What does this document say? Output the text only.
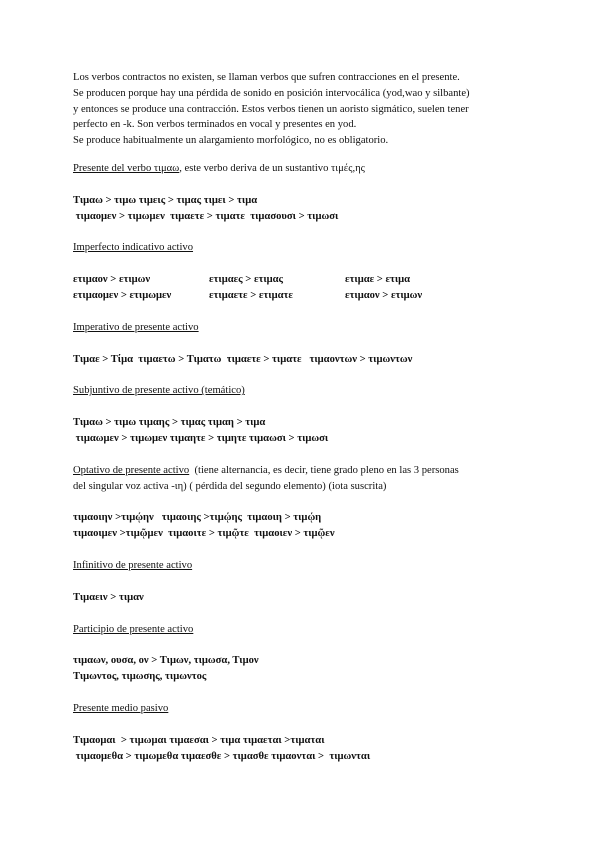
Los verbos contractos no existen, se llaman verbos que sufren contracciones en el presente.

Se producen porque hay una pérdida de sonido en posición intervocálica (yod,wao y silbante)

y entonces se produce una contracción. Estos verbos tienen un aoristo sigmático, suelen tener

perfecto en -k. Son verbos terminados en vocal y presentes en yod.

Se produce habitualmente un alargamiento morfológico, no es obligatorio.

Presente del verbo τιμαω, este verbo deriva de un sustantivo τιμές,ης

Τιμαω > τιμω τιμεις > τιμας τιμει > τιμα

τιμαομεν > τιμωμεν  τιμαετε > τιματε  τιμασουσι > τιμωσι

Imperfecto indicativo activo

ετιμαον > ετιμων	ετιμαες > ετιμας	ετιμαε > ετιμα
ετιμαομεν > ετιμωμεν	ετιμαετε > ετιματε	ετιμαον > ετιμων

Imperativo de presente activo

Τιμαε > Τίμα  τιμαετω > Τιματω  τιμαετε > τιματε   τιμαοντων > τιμωντων

Subjuntivo de presente activo (temático)

Τιμαω > τιμω τιμαης > τιμας τιμαη > τιμα

τιμαωμεν > τιμωμεν τιμαητε > τιμητε τιμαωσι > τιμωσι

Optativo de presente activo  (tiene alternancia, es decir, tiene grado pleno en las 3 personas

del singular voz activa -ιη) ( pérdida del segundo elemento) (iota suscrita)

τιμαοιην >τιμῴην   τιμαοιης >τιμῴης  τιμαοιη > τιμῴη

τιμαοιμεν >τιμῷμεν  τιμαοιτε > τιμῷτε  τιμαοιεν > τιμῷεν

Infinitivo de presente activo

Τιμαειν > τιμαν

Participio de presente activo

τιμαων, ουσα, ον > Τιμων, τιμωσα, Τιμον

Τιμωντος, τιμωσης, τιμωντος

Presente medio pasivo

Τιμαομαι  > τιμωμαι τιμαεσαι > τιμα τιμαεται >τιμαται

τιμαομεθα > τιμωμεθα τιμαεσθε > τιμασθε τιμαονται >  τιμωνται
